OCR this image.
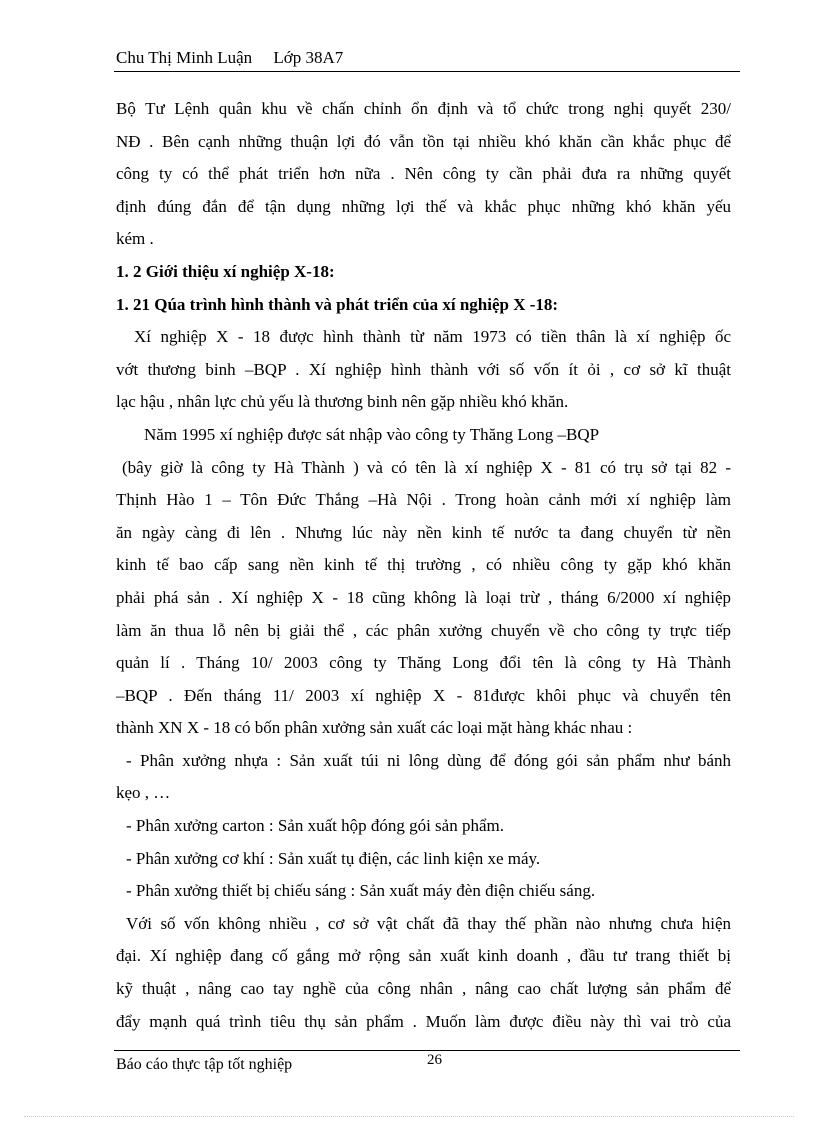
Chu Thị Minh Luận     Lớp 38A7
Bộ Tư Lệnh quân khu về chấn chỉnh ổn định và tổ chức trong nghị quyết 230/
NĐ . Bên cạnh những thuận lợi đó vẫn tồn tại nhiều khó khăn cần khắc phục để
công ty có thể phát triển hơn nữa . Nên công ty cần phải đưa ra những quyết
định đúng đắn để tận dụng những lợi thế và khắc phục những khó khăn yếu
kém .
1. 2 Giới thiệu xí nghiệp X-18:
1. 21 Qúa trình hình thành và phát triển của xí nghiệp X -18:
Xí nghiệp X - 18 được hình thành từ năm 1973 có tiền thân là xí nghiệp ốc
vớt thương binh –BQP . Xí nghiệp hình thành với số vốn ít ỏi , cơ sở kĩ thuật
lạc hậu , nhân lực chủ yếu là thương binh nên gặp nhiều khó khăn.
Năm 1995 xí nghiệp được sát nhập vào công ty Thăng Long –BQP
(bây giờ là công ty Hà Thành ) và có tên là xí nghiệp X - 81 có trụ sở tại 82 -
Thịnh Hào 1 – Tôn Đức Thắng –Hà Nội . Trong hoàn cảnh mới xí nghiệp làm
ăn ngày càng đi lên . Nhưng lúc này nền kinh tế nước ta đang chuyển từ nền
kinh tế bao cấp sang nền kinh tế thị trường , có nhiều công ty gặp khó khăn
phải phá sản . Xí nghiệp X - 18 cũng không là loại trừ , tháng 6/2000 xí nghiệp
làm ăn thua lỗ nên bị giải thể , các phân xưởng chuyển về cho công ty trực tiếp
quản lí . Tháng 10/ 2003 công ty Thăng Long đổi tên là công ty Hà Thành
–BQP . Đến tháng 11/ 2003 xí nghiệp X - 81được khôi phục và chuyển tên
thành XN X - 18 có bốn phân xưởng sản xuất các loại mặt hàng khác nhau :
- Phân xưởng nhựa : Sản xuất túi ni lông dùng để đóng gói sản phẩm như bánh
kẹo , …
- Phân xưởng carton : Sản xuất hộp đóng gói sản phẩm.
- Phân xưởng cơ khí : Sản xuất tụ điện, các linh kiện xe máy.
- Phân xưởng thiết bị chiếu sáng : Sản xuất máy đèn điện chiếu sáng.
Với số vốn không nhiều , cơ sở vật chất đã thay thế phần nào nhưng chưa hiện
đại. Xí nghiệp đang cố gắng mở rộng sản xuất kinh doanh , đầu tư trang thiết bị
kỹ thuật , nâng cao tay nghề của công nhân , nâng cao chất lượng sản phẩm để
đẩy mạnh quá trình tiêu thụ sản phẩm . Muốn làm được điều này thì vai trò của
Báo cáo thực tập tốt nghiệp	26
